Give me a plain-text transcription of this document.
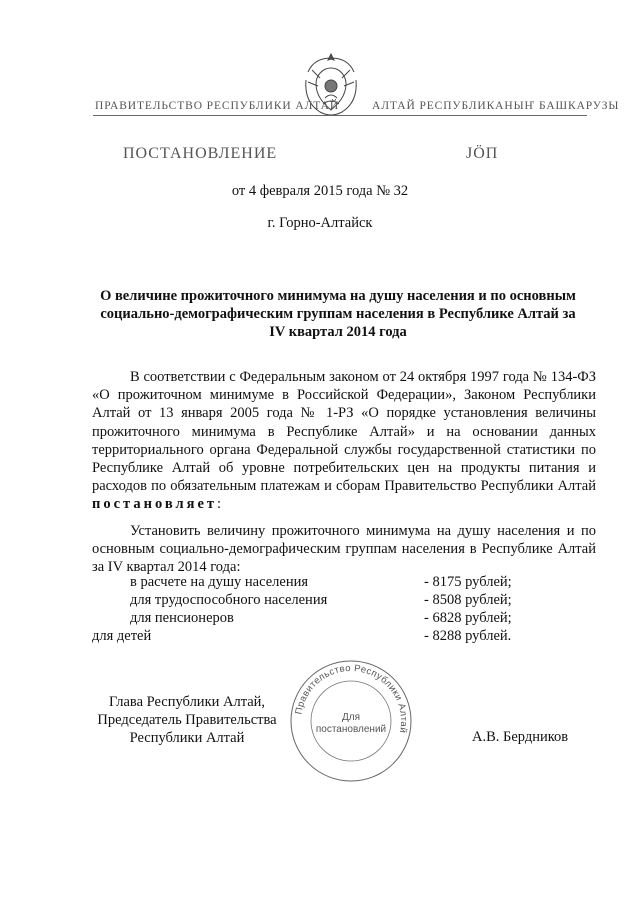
ПРАВИТЕЛЬСТВО РЕСПУБЛИКИ АЛТАЙ	АЛТАЙ РЕСПУБЛИКАНЫҤ БАШКАРУЗЫ
ПОСТАНОВЛЕНИЕ	ЈӦП
от 4 февраля 2015 года № 32
г. Горно-Алтайск
О величине прожиточного минимума на душу населения и по основным социально-демографическим группам населения в Республике Алтай за IV квартал 2014 года
В соответствии с Федеральным законом от 24 октября 1997 года № 134-ФЗ «О прожиточном минимуме в Российской Федерации», Законом Республики Алтай от 13 января 2005 года № 1-РЗ «О порядке установления величины прожиточного минимума в Республике Алтай» и на основании данных территориального органа Федеральной службы государственной статистики по Республике Алтай об уровне потребительских цен на продукты питания и расходов по обязательным платежам и сборам Правительство Республики Алтай постановляет:
Установить величину прожиточного минимума на душу населения и по основным социально-демографическим группам населения в Республике Алтай за IV квартал 2014 года:
в расчете на душу населения	- 8175 рублей;
для трудоспособного населения	- 8508 рублей;
для пенсионеров	- 6828 рублей;
для детей	- 8288 рублей.
Правительство Республики Алтай
Для
постановлений
Глава Республики Алтай,
Председатель Правительства
Республики Алтай	А.В. Бердников
